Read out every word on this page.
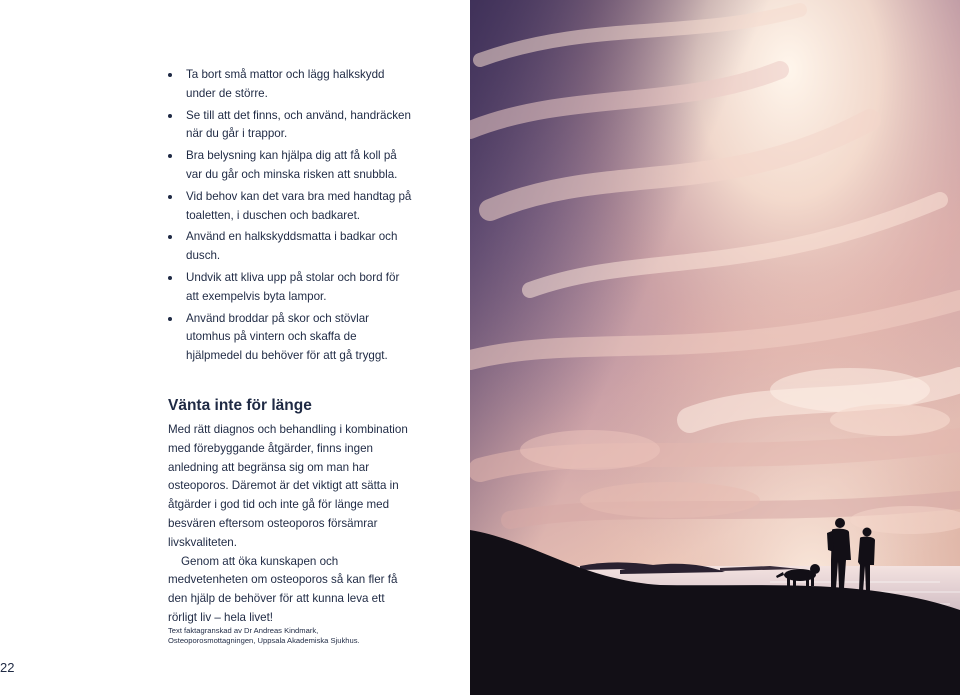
Ta bort små mattor och lägg halkskydd under de större.
Se till att det finns, och använd, handräcken när du går i trappor.
Bra belysning kan hjälpa dig att få koll på var du går och minska risken att snubbla.
Vid behov kan det vara bra med handtag på toaletten, i duschen och badkaret.
Använd en halkskyddsmatta i badkar och dusch.
Undvik att kliva upp på stolar och bord för att exempelvis byta lampor.
Använd broddar på skor och stövlar utomhus på vintern och skaffa de hjälpmedel du behöver för att gå tryggt.
Vänta inte för länge

Med rätt diagnos och behandling i kombination med förebyggande åtgärder, finns ingen anledning att begränsa sig om man har osteoporos. Däremot är det viktigt att sätta in åtgärder i god tid och inte gå för länge med besvären eftersom osteoporos försämrar livskvaliteten.

Genom att öka kunskapen och medvetenheten om osteoporos så kan fler få den hjälp de behöver för att kunna leva ett rörligt liv – hela livet!

Text faktagranskad av Dr Andreas Kindmark,
Osteoporosmottagningen, Uppsala Akademiska Sjukhus.
22
